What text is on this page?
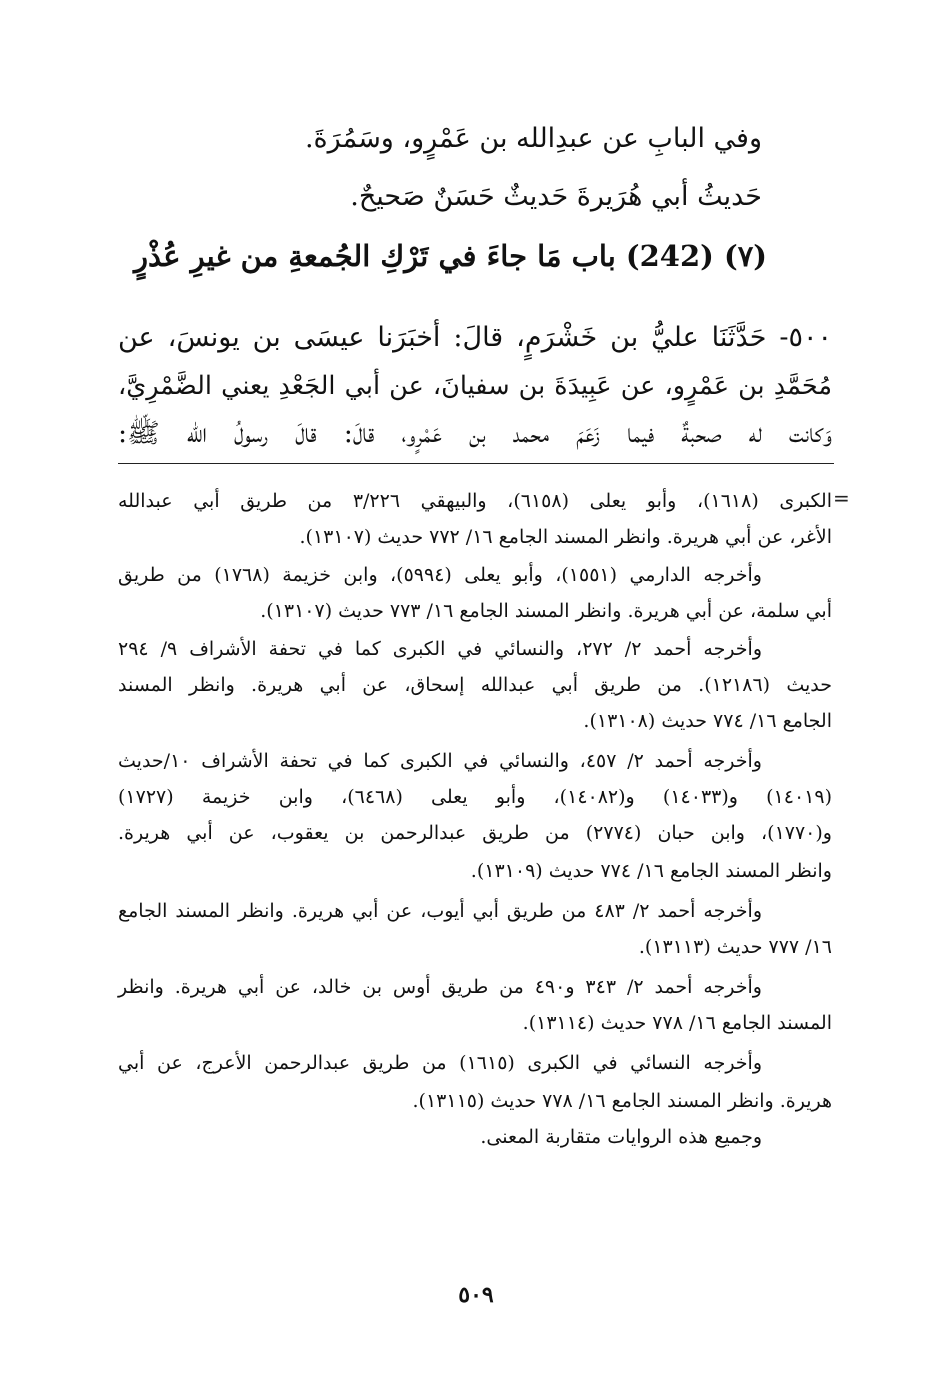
وفي البابِ عن عبدِالله بن عَمْرٍو، وسَمُرَةَ.
حَديثُ أبي هُرَيرةَ حَديثٌ حَسَنٌ صَحيحٌ.
(٧) (242) باب مَا جاءَ في تَرْكِ الجُمعةِ من غيرِ عُذْرٍ
٥٠٠- حَدَّثَنَا عليُّ بن خَشْرَمٍ، قالَ: أخبَرَنا عيسَى بن يونسَ، عن
مُحَمَّدِ بن عَمْرٍو، عن عَبِيدَةَ بن سفيانَ، عن أبي الجَعْدِ يعني الضَّمْرِيَّ،
وَكانت له صحبةٌ فيما زَعَمَ محمد بن عَمْرٍو، قالَ: قالَ رسولُ الله ﷺ:
=
الكبرى (١٦١٨)، وأبو يعلى (٦١٥٨)، والبيهقي ٣/٢٢٦ من طريق أبي عبدالله
الأغر، عن أبي هريرة. وانظر المسند الجامع ١٦/ ٧٧٢ حديث (١٣١٠٧).
وأخرجه الدارمي (١٥٥١)، وأبو يعلى (٥٩٩٤)، وابن خزيمة (١٧٦٨) من طريق
أبي سلمة، عن أبي هريرة. وانظر المسند الجامع ١٦/ ٧٧٣ حديث (١٣١٠٧).
وأخرجه أحمد ٢/ ٢٧٢، والنسائي في الكبرى كما في تحفة الأشراف ٩/ ٢٩٤
حديث (١٢١٨٦). من طريق أبي عبدالله إسحاق، عن أبي هريرة. وانظر المسند
الجامع ١٦/ ٧٧٤ حديث (١٣١٠٨).
وأخرجه أحمد ٢/ ٤٥٧، والنسائي في الكبرى كما في تحفة الأشراف ١٠/حديث
(١٤٠١٩) و(١٤٠٣٣) و(١٤٠٨٢)، وأبو يعلى (٦٤٦٨)، وابن خزيمة (١٧٢٧)
و(١٧٧٠)، وابن حبان (٢٧٧٤) من طريق عبدالرحمن بن يعقوب، عن أبي هريرة.
وانظر المسند الجامع ١٦/ ٧٧٤ حديث (١٣١٠٩).
وأخرجه أحمد ٢/ ٤٨٣ من طريق أبي أيوب، عن أبي هريرة. وانظر المسند الجامع
١٦/ ٧٧٧ حديث (١٣١١٣).
وأخرجه أحمد ٢/ ٣٤٣ و٤٩٠ من طريق أوس بن خالد، عن أبي هريرة. وانظر
المسند الجامع ١٦/ ٧٧٨ حديث (١٣١١٤).
وأخرجه النسائي في الكبرى (١٦١٥) من طريق عبدالرحمن الأعرج، عن أبي
هريرة. وانظر المسند الجامع ١٦/ ٧٧٨ حديث (١٣١١٥).
وجميع هذه الروايات متقاربة المعنى.
٥٠٩
